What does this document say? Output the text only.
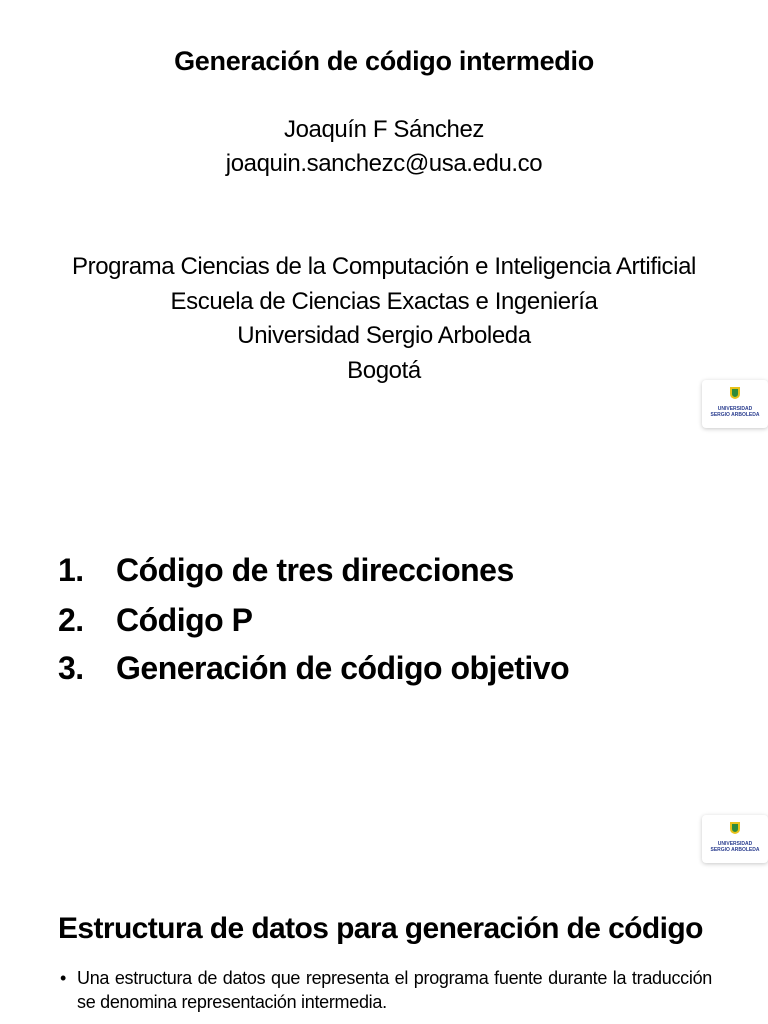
Generación de código intermedio
Joaquín F Sánchez
joaquin.sanchezc@usa.edu.co
Programa Ciencias de la Computación e Inteligencia Artificial
Escuela de Ciencias Exactas e Ingeniería
Universidad Sergio Arboleda
Bogotá
UNIVERSIDAD
SERGIO ARBOLEDA
1. Código de tres direcciones
2. Código P
3. Generación de código objetivo
UNIVERSIDAD
SERGIO ARBOLEDA
Estructura de datos para generación de código
• Una estructura de datos que representa el programa fuente durante la traducción se denomina representación intermedia.
